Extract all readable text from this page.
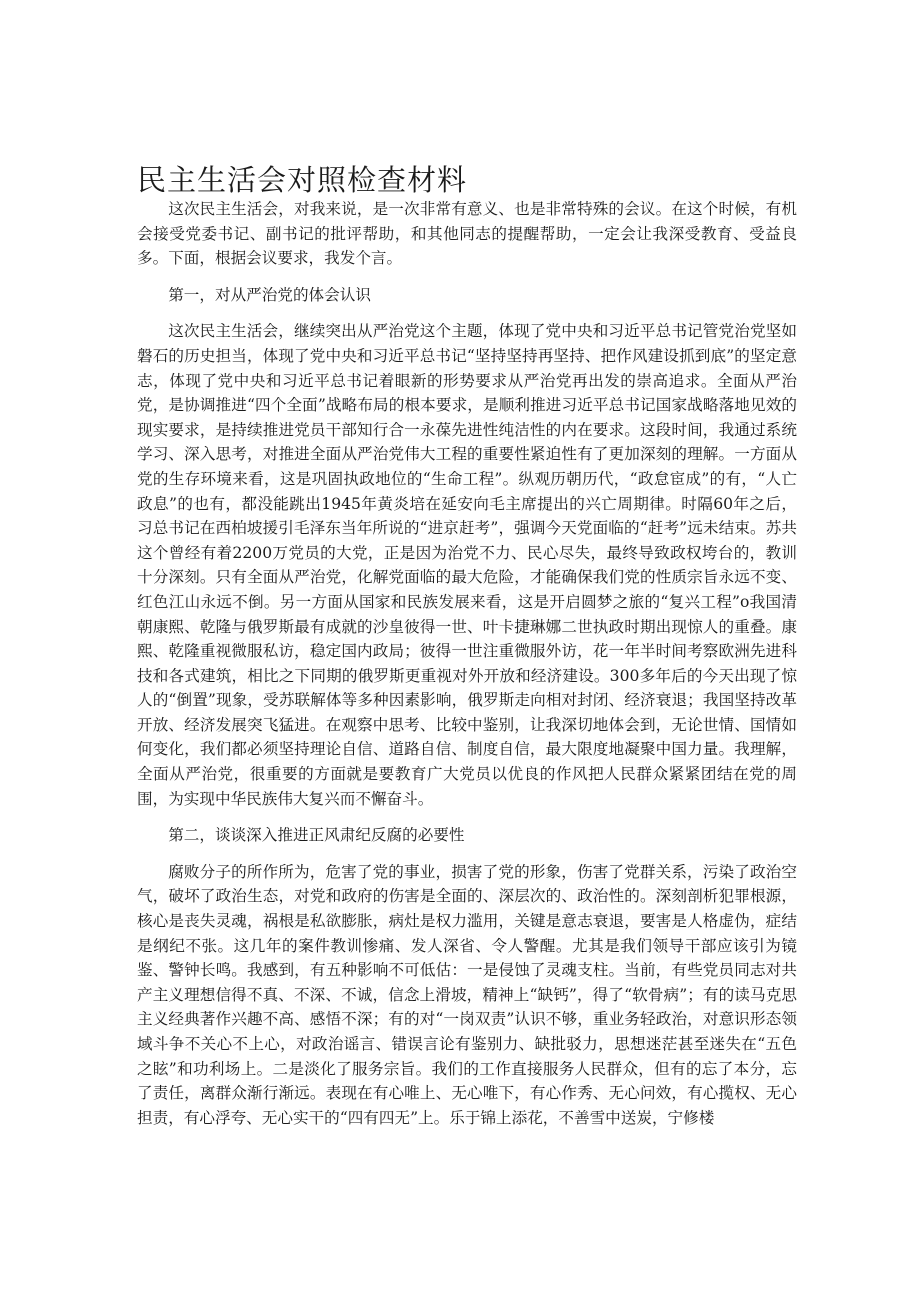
民主生活会对照检查材料

这次民主生活会，对我来说，是一次非常有意义、也是非常特殊的会议。在这个时候，有机会接受党委书记、副书记的批评帮助，和其他同志的提醒帮助，一定会让我深受教育、受益良多。下面，根据会议要求，我发个言。

第一，对从严治党的体会认识

这次民主生活会，继续突出从严治党这个主题，体现了党中央和习近平总书记管党治党坚如磐石的历史担当，体现了党中央和习近平总书记“坚持坚持再坚持、把作风建设抓到底”的坚定意志，体现了党中央和习近平总书记着眼新的形势要求从严治党再出发的崇高追求。全面从严治党，是协调推进“四个全面”战略布局的根本要求，是顺利推进习近平总书记国家战略落地见效的现实要求，是持续推进党员干部知行合一永葆先进性纯洁性的内在要求。这段时间，我通过系统学习、深入思考，对推进全面从严治党伟大工程的重要性紧迫性有了更加深刻的理解。一方面从党的生存环境来看，这是巩固执政地位的“生命工程”。纵观历朝历代，“政怠宦成”的有，“人亡政息”的也有，都没能跳出1945年黄炎培在延安向毛主席提出的兴亡周期律。时隔60年之后，习总书记在西柏坡援引毛泽东当年所说的“进京赶考”，强调今天党面临的“赶考”远未结束。苏共这个曾经有着2200万党员的大党，正是因为治党不力、民心尽失，最终导致政权垮台的，教训十分深刻。只有全面从严治党，化解党面临的最大危险，才能确保我们党的性质宗旨永远不变、红色江山永远不倒。另一方面从国家和民族发展来看，这是开启圆梦之旅的“复兴工程”o我国清朝康熙、乾隆与俄罗斯最有成就的沙皇彼得一世、叶卡捷琳娜二世执政时期出现惊人的重叠。康熙、乾隆重视微服私访，稳定国内政局；彼得一世注重微服外访，花一年半时间考察欧洲先进科技和各式建筑，相比之下同期的俄罗斯更重视对外开放和经济建设。300多年后的今天出现了惊人的“倒置”现象，受苏联解体等多种因素影响，俄罗斯走向相对封闭、经济衰退；我国坚持改革开放、经济发展突飞猛进。在观察中思考、比较中鉴别，让我深切地体会到，无论世情、国情如何变化，我们都必须坚持理论自信、道路自信、制度自信，最大限度地凝聚中国力量。我理解，全面从严治党，很重要的方面就是要教育广大党员以优良的作风把人民群众紧紧团结在党的周围，为实现中华民族伟大复兴而不懈奋斗。

第二，谈谈深入推进正风肃纪反腐的必要性

腐败分子的所作所为，危害了党的事业，损害了党的形象，伤害了党群关系，污染了政治空气，破坏了政治生态，对党和政府的伤害是全面的、深层次的、政治性的。深刻剖析犯罪根源，核心是丧失灵魂，祸根是私欲膨胀，病灶是权力滥用，关键是意志衰退，要害是人格虚伪，症结是纲纪不张。这几年的案件教训惨痛、发人深省、令人警醒。尤其是我们领导干部应该引为镜鉴、警钟长鸣。我感到，有五种影响不可低估：一是侵蚀了灵魂支柱。当前，有些党员同志对共产主义理想信得不真、不深、不诚，信念上滑坡，精神上“缺钙”，得了“软骨病”；有的读马克思主义经典著作兴趣不高、感悟不深；有的对“一岗双责”认识不够，重业务轻政治，对意识形态领域斗争不关心不上心，对政治谣言、错误言论有鉴别力、缺批驳力，思想迷茫甚至迷失在“五色之眩”和功利场上。二是淡化了服务宗旨。我们的工作直接服务人民群众，但有的忘了本分，忘了责任，离群众渐行渐远。表现在有心唯上、无心唯下，有心作秀、无心问效，有心揽权、无心担责，有心浮夸、无心实干的“四有四无”上。乐于锦上添花，不善雪中送炭，宁修楼
